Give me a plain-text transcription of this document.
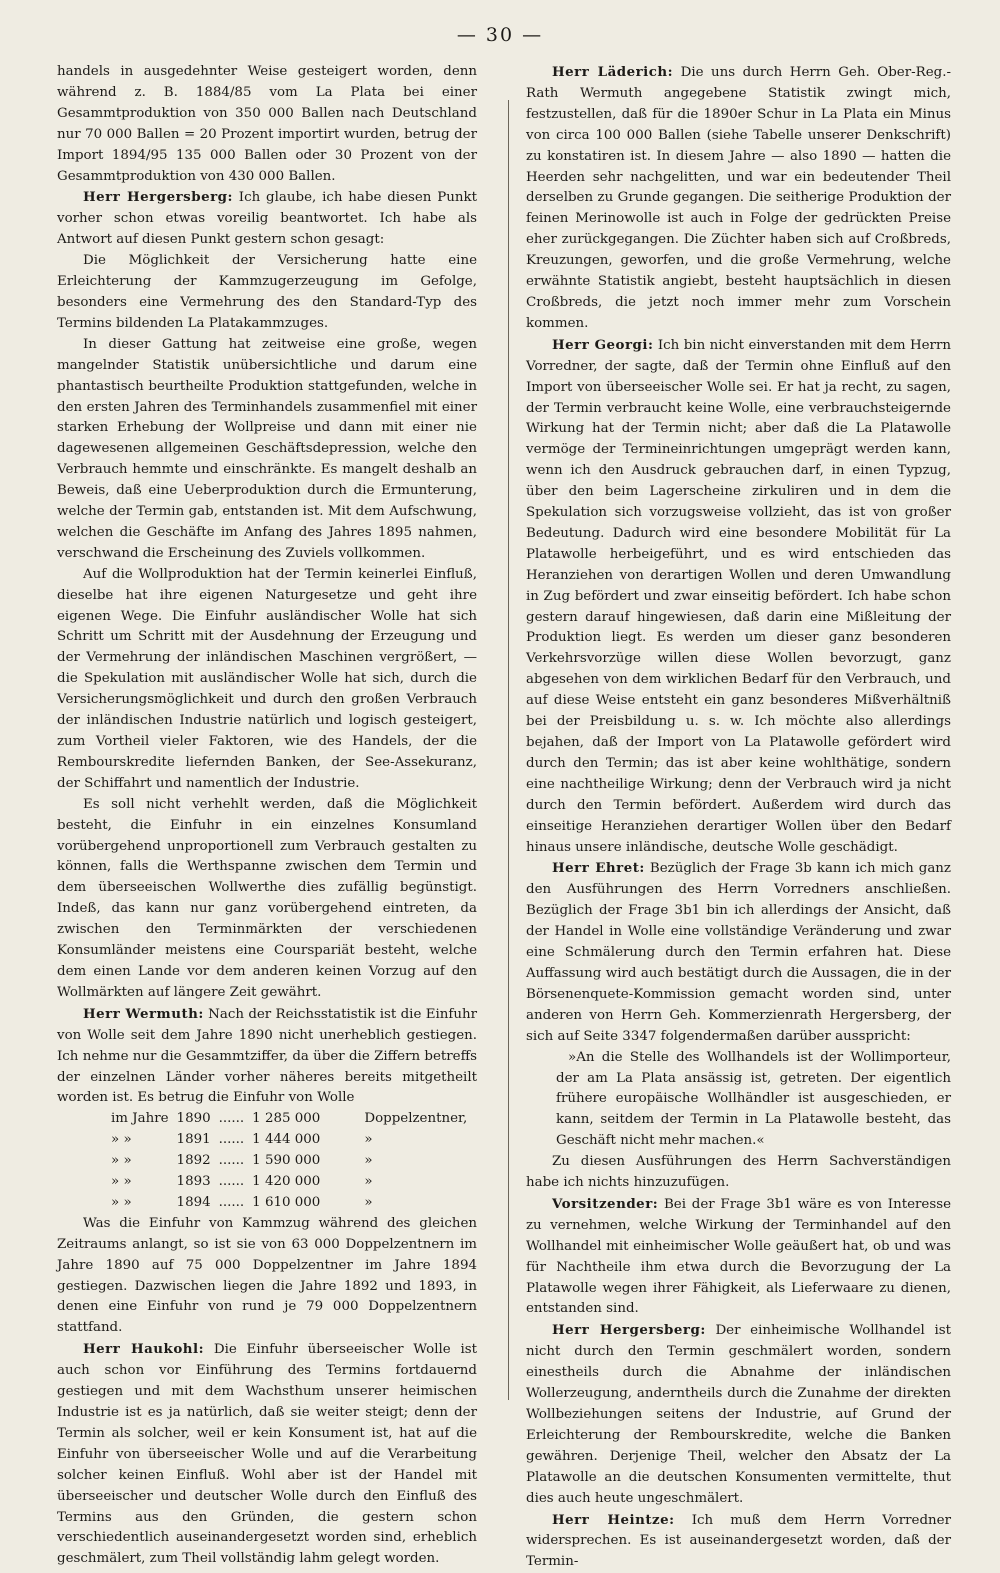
— 30 —

handels in ausgedehnter Weise gesteigert worden, denn während z. B. 1884/85 vom La Plata bei einer Gesammtproduktion von 350 000 Ballen nach Deutschland nur 70 000 Ballen = 20 Prozent importirt wurden, betrug der Import 1894/95 135 000 Ballen oder 30 Prozent von der Gesammtproduktion von 430 000 Ballen.

Herr Hergersberg: Ich glaube, ich habe diesen Punkt vorher schon etwas voreilig beantwortet. Ich habe als Antwort auf diesen Punkt gestern schon gesagt:

Die Möglichkeit der Versicherung hatte eine Erleichterung der Kammzugerzeugung im Gefolge, besonders eine Vermehrung des den Standard-Typ des Termins bildenden La Platakammzuges.

In dieser Gattung hat zeitweise eine große, wegen mangelnder Statistik unübersichtliche und darum eine phantastisch beurtheilte Produktion stattgefunden, welche in den ersten Jahren des Terminhandels zusammenfiel mit einer starken Erhebung der Wollpreise und dann mit einer nie dagewesenen allgemeinen Geschäftsdepression, welche den Verbrauch hemmte und einschränkte. Es mangelt deshalb an Beweis, daß eine Ueberproduktion durch die Ermunterung, welche der Termin gab, entstanden ist. Mit dem Aufschwung, welchen die Geschäfte im Anfang des Jahres 1895 nahmen, verschwand die Erscheinung des Zuviels vollkommen.

Auf die Wollproduktion hat der Termin keinerlei Einfluß, dieselbe hat ihre eigenen Naturgesetze und geht ihre eigenen Wege. Die Einfuhr ausländischer Wolle hat sich Schritt um Schritt mit der Ausdehnung der Erzeugung und der Vermehrung der inländischen Maschinen vergrößert, — die Spekulation mit ausländischer Wolle hat sich, durch die Versicherungsmöglichkeit und durch den großen Verbrauch der inländischen Industrie natürlich und logisch gesteigert, zum Vortheil vieler Faktoren, wie des Handels, der die Rembourskredite liefernden Banken, der See-Assekuranz, der Schiffahrt und namentlich der Industrie.

Es soll nicht verhehlt werden, daß die Möglichkeit besteht, die Einfuhr in ein einzelnes Konsumland vorübergehend unproportionell zum Verbrauch gestalten zu können, falls die Werthspanne zwischen dem Termin und dem überseeischen Wollwerthe dies zufällig begünstigt. Indeß, das kann nur ganz vorübergehend eintreten, da zwischen den Terminmärkten der verschiedenen Konsumländer meistens eine Courspariät besteht, welche dem einen Lande vor dem anderen keinen Vorzug auf den Wollmärkten auf längere Zeit gewährt.

Herr Wermuth: Nach der Reichsstatistik ist die Einfuhr von Wolle seit dem Jahre 1890 nicht unerheblich gestiegen. Ich nehme nur die Gesammtziffer, da über die Ziffern betreffs der einzelnen Länder vorher näheres bereits mitgetheilt worden ist. Es betrug die Einfuhr von Wolle

im Jahre	1890	......	1 285 000	Doppelzentner,
» »	1891	......	1 444 000	»
» »	1892	......	1 590 000	»
» »	1893	......	1 420 000	»
» »	1894	......	1 610 000	»

Was die Einfuhr von Kammzug während des gleichen Zeitraums anlangt, so ist sie von 63 000 Doppelzentnern im Jahre 1890 auf 75 000 Doppelzentner im Jahre 1894 gestiegen. Dazwischen liegen die Jahre 1892 und 1893, in denen eine Einfuhr von rund je 79 000 Doppelzentnern stattfand.

Herr Haukohl: Die Einfuhr überseeischer Wolle ist auch schon vor Einführung des Termins fortdauernd gestiegen und mit dem Wachsthum unserer heimischen Industrie ist es ja natürlich, daß sie weiter steigt; denn der Termin als solcher, weil er kein Konsument ist, hat auf die Einfuhr von überseeischer Wolle und auf die Verarbeitung solcher keinen Einfluß. Wohl aber ist der Handel mit überseeischer und deutscher Wolle durch den Einfluß des Termins aus den Gründen, die gestern schon verschiedentlich auseinandergesetzt worden sind, erheblich geschmälert, zum Theil vollständig lahm gelegt worden.

Herr Läderich: Die uns durch Herrn Geh. Ober-Reg.-Rath Wermuth angegebene Statistik zwingt mich, festzustellen, daß für die 1890er Schur in La Plata ein Minus von circa 100 000 Ballen (siehe Tabelle unserer Denkschrift) zu konstatiren ist. In diesem Jahre — also 1890 — hatten die Heerden sehr nachgelitten, und war ein bedeutender Theil derselben zu Grunde gegangen. Die seitherige Produktion der feinen Merinowolle ist auch in Folge der gedrückten Preise eher zurückgegangen. Die Züchter haben sich auf Croßbreds, Kreuzungen, geworfen, und die große Vermehrung, welche erwähnte Statistik angiebt, besteht hauptsächlich in diesen Croßbreds, die jetzt noch immer mehr zum Vorschein kommen.

Herr Georgi: Ich bin nicht einverstanden mit dem Herrn Vorredner, der sagte, daß der Termin ohne Einfluß auf den Import von überseeischer Wolle sei. Er hat ja recht, zu sagen, der Termin verbraucht keine Wolle, eine verbrauchsteigernde Wirkung hat der Termin nicht; aber daß die La Platawolle vermöge der Termineinrichtungen umgeprägt werden kann, wenn ich den Ausdruck gebrauchen darf, in einen Typzug, über den beim Lagerscheine zirkuliren und in dem die Spekulation sich vorzugsweise vollzieht, das ist von großer Bedeutung. Dadurch wird eine besondere Mobilität für La Platawolle herbeigeführt, und es wird entschieden das Heranziehen von derartigen Wollen und deren Umwandlung in Zug befördert und zwar einseitig befördert. Ich habe schon gestern darauf hingewiesen, daß darin eine Mißleitung der Produktion liegt. Es werden um dieser ganz besonderen Verkehrsvorzüge willen diese Wollen bevorzugt, ganz abgesehen von dem wirklichen Bedarf für den Verbrauch, und auf diese Weise entsteht ein ganz besonderes Mißverhältniß bei der Preisbildung u. s. w. Ich möchte also allerdings bejahen, daß der Import von La Platawolle gefördert wird durch den Termin; das ist aber keine wohlthätige, sondern eine nachtheilige Wirkung; denn der Verbrauch wird ja nicht durch den Termin befördert. Außerdem wird durch das einseitige Heranziehen derartiger Wollen über den Bedarf hinaus unsere inländische, deutsche Wolle geschädigt.

Herr Ehret: Bezüglich der Frage 3b kann ich mich ganz den Ausführungen des Herrn Vorredners anschließen. Bezüglich der Frage 3b1 bin ich allerdings der Ansicht, daß der Handel in Wolle eine vollständige Veränderung und zwar eine Schmälerung durch den Termin erfahren hat. Diese Auffassung wird auch bestätigt durch die Aussagen, die in der Börsenenquete-Kommission gemacht worden sind, unter anderen von Herrn Geh. Kommerzienrath Hergersberg, der sich auf Seite 3347 folgendermaßen darüber ausspricht:

»An die Stelle des Wollhandels ist der Wollimporteur, der am La Plata ansässig ist, getreten. Der eigentlich frühere europäische Wollhändler ist ausgeschieden, er kann, seitdem der Termin in La Platawolle besteht, das Geschäft nicht mehr machen.«

Zu diesen Ausführungen des Herrn Sachverständigen habe ich nichts hinzuzufügen.

Vorsitzender: Bei der Frage 3b1 wäre es von Interesse zu vernehmen, welche Wirkung der Terminhandel auf den Wollhandel mit einheimischer Wolle geäußert hat, ob und was für Nachtheile ihm etwa durch die Bevorzugung der La Platawolle wegen ihrer Fähigkeit, als Lieferwaare zu dienen, entstanden sind.

Herr Hergersberg: Der einheimische Wollhandel ist nicht durch den Termin geschmälert worden, sondern einestheils durch die Abnahme der inländischen Wollerzeugung, anderntheils durch die Zunahme der direkten Wollbeziehungen seitens der Industrie, auf Grund der Erleichterung der Rembourskredite, welche die Banken gewähren. Derjenige Theil, welcher den Absatz der La Platawolle an die deutschen Konsumenten vermittelte, thut dies auch heute ungeschmälert.

Herr Heintze: Ich muß dem Herrn Vorredner widersprechen. Es ist auseinandergesetzt worden, daß der Termin-
